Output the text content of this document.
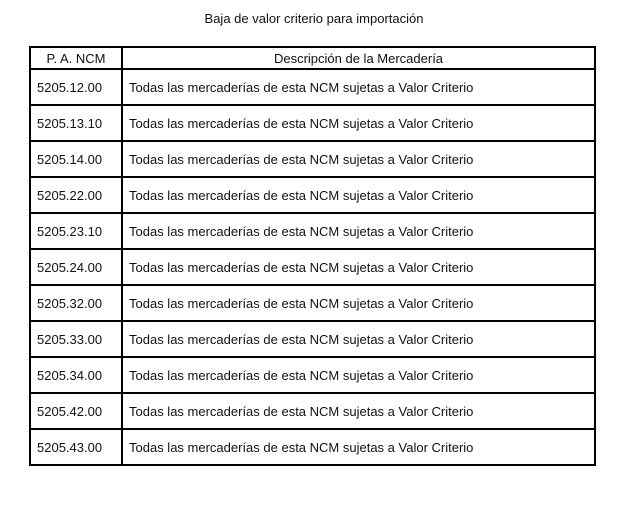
Baja de valor criterio para importación
P. A. NCM	Descripción de la Mercadería
5205.12.00	Todas las mercaderías de esta NCM sujetas a Valor Criterio
5205.13.10	Todas las mercaderías de esta NCM sujetas a Valor Criterio
5205.14.00	Todas las mercaderías de esta NCM sujetas a Valor Criterio
5205.22.00	Todas las mercaderías de esta NCM sujetas a Valor Criterio
5205.23.10	Todas las mercaderías de esta NCM sujetas a Valor Criterio
5205.24.00	Todas las mercaderías de esta NCM sujetas a Valor Criterio
5205.32.00	Todas las mercaderías de esta NCM sujetas a Valor Criterio
5205.33.00	Todas las mercaderías de esta NCM sujetas a Valor Criterio
5205.34.00	Todas las mercaderías de esta NCM sujetas a Valor Criterio
5205.42.00	Todas las mercaderías de esta NCM sujetas a Valor Criterio
5205.43.00	Todas las mercaderías de esta NCM sujetas a Valor Criterio
